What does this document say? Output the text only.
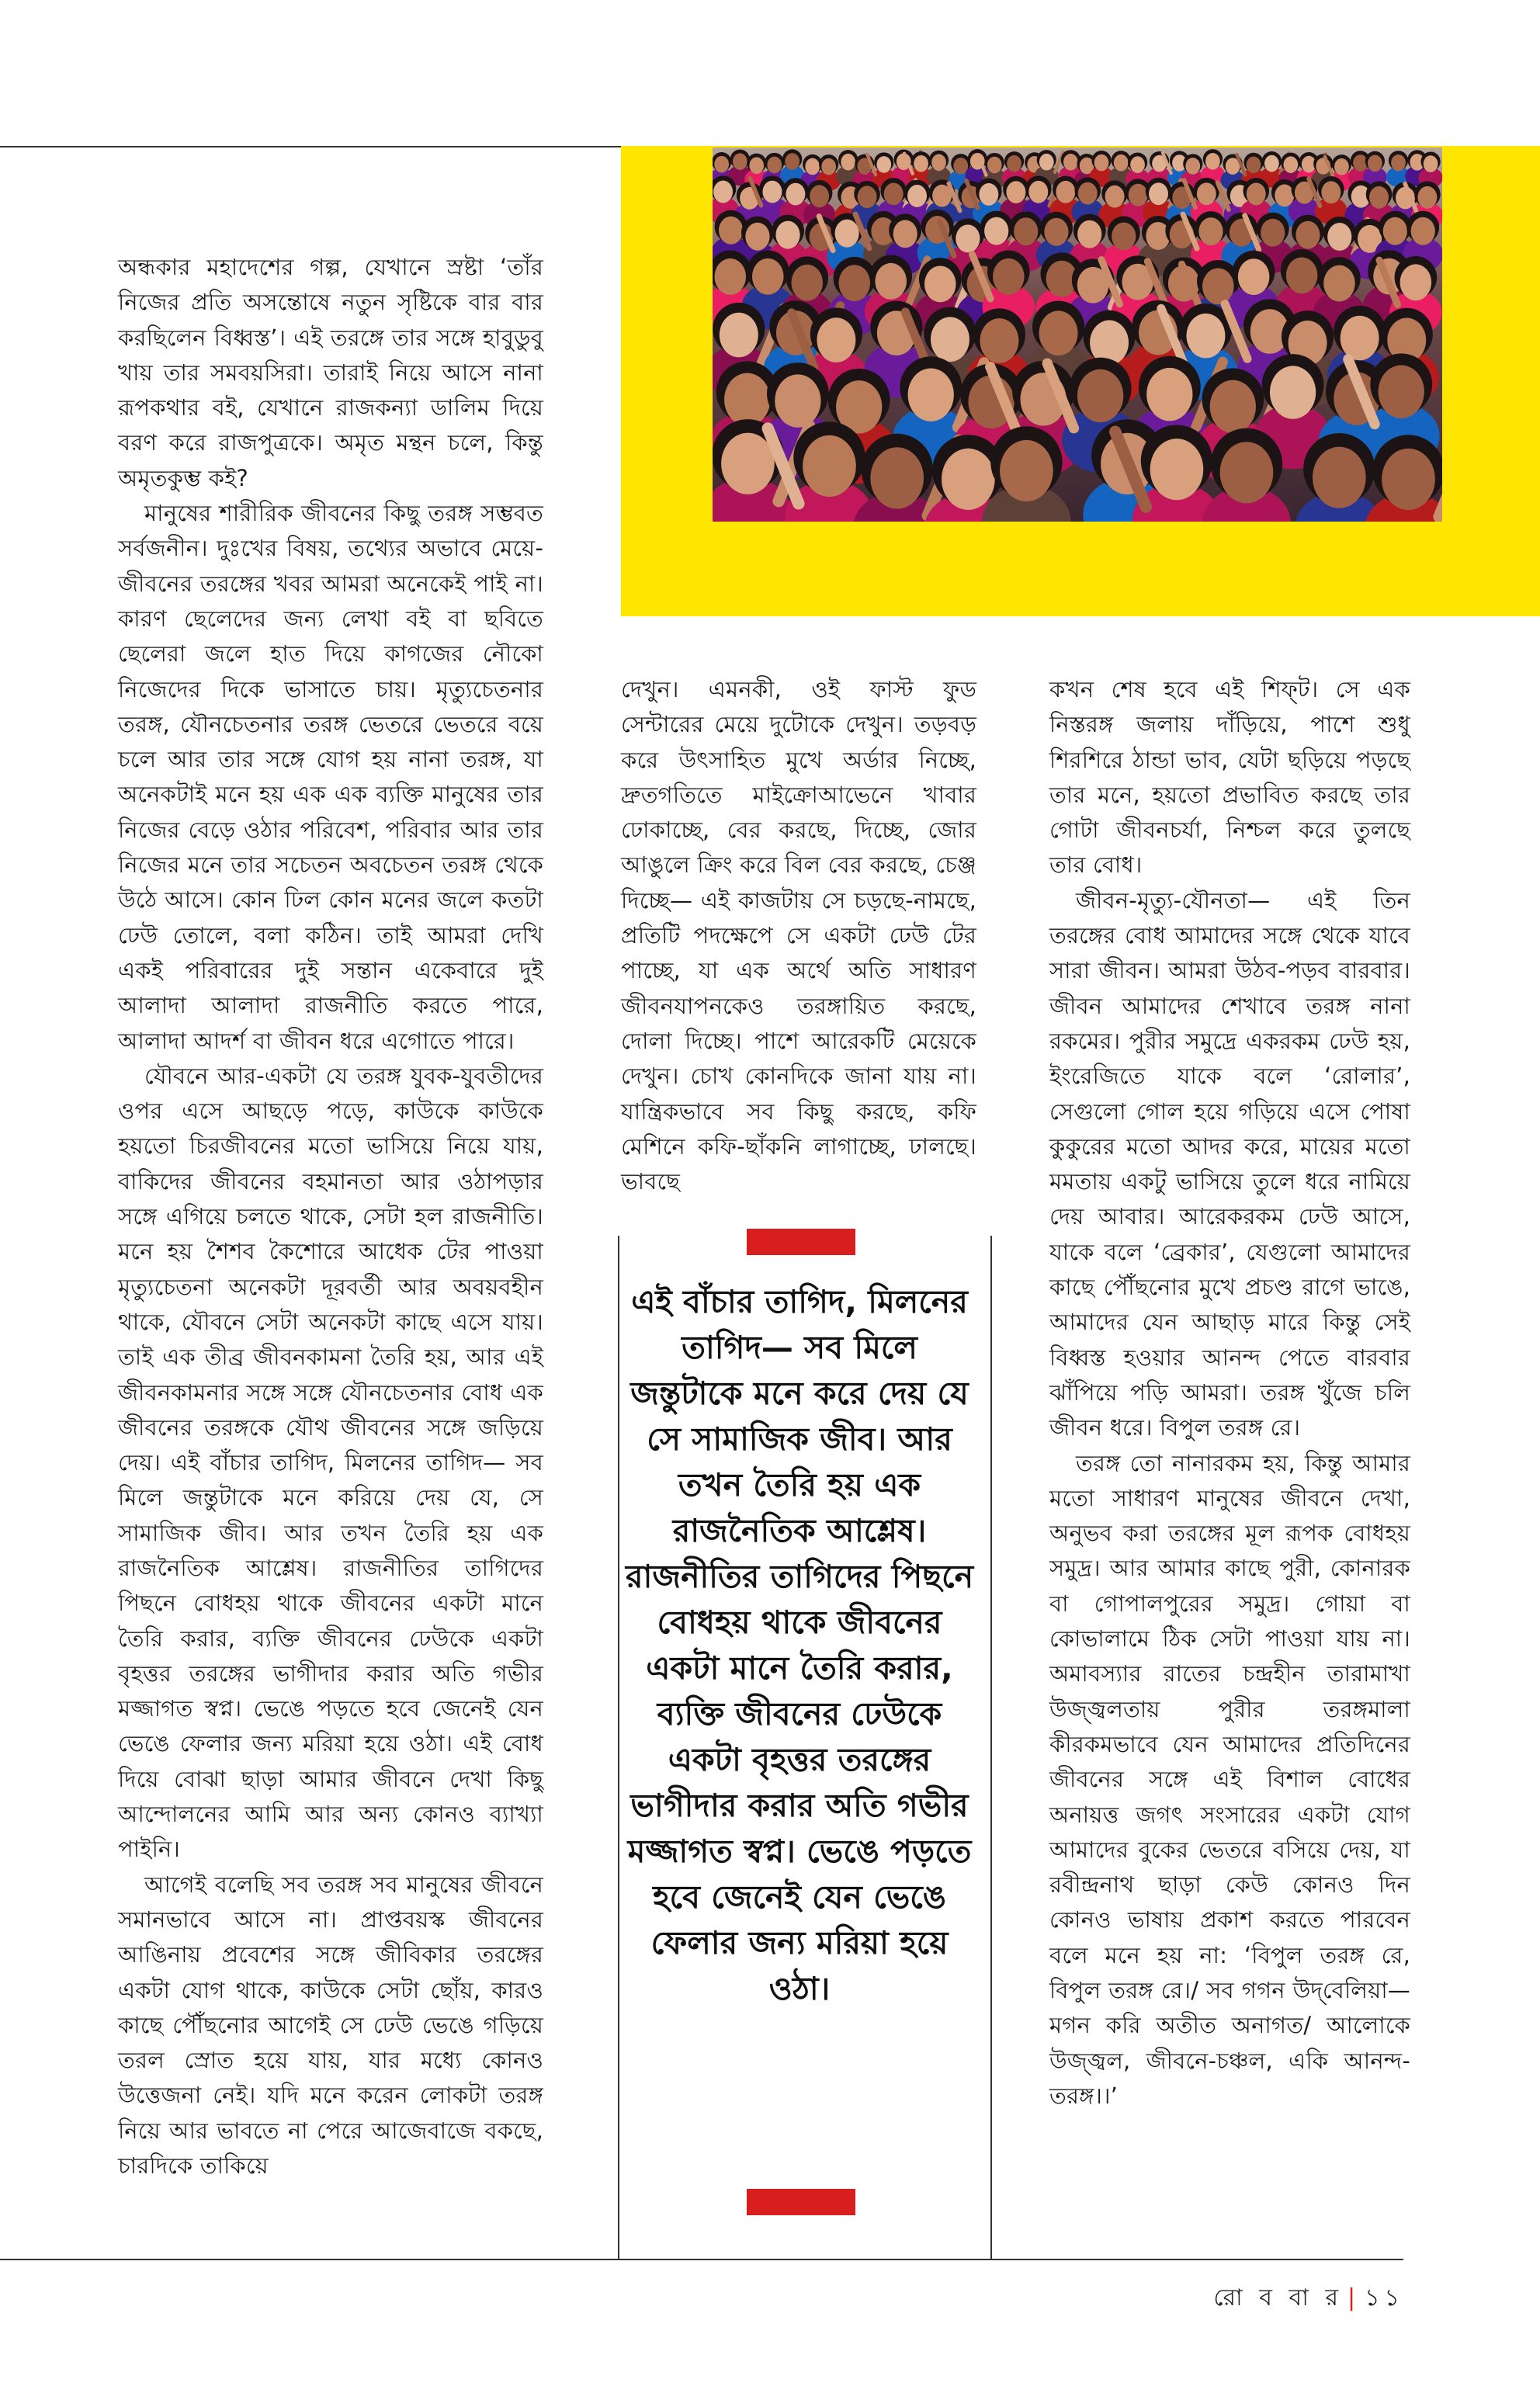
অন্ধকার মহাদেশের গল্প, যেখানে স্রষ্টা ‘তাঁর নিজের প্রতি অসন্তোষে নতুন সৃষ্টিকে বার বার করছিলেন বিধ্বস্ত’। এই তরঙ্গে তার সঙ্গে হাবুডুবু খায় তার সমবয়সিরা। তারাই নিয়ে আসে নানা রূপকথার বই, যেখানে রাজকন্যা ডালিম দিয়ে বরণ করে রাজপুত্রকে। অমৃত মন্থন চলে, কিন্তু অমৃতকুম্ভ কই?

মানুষের শারীরিক জীবনের কিছু তরঙ্গ সম্ভবত সর্বজনীন। দুঃখের বিষয়, তথ্যের অভাবে মেয়ে-জীবনের তরঙ্গের খবর আমরা অনেকেই পাই না। কারণ ছেলেদের জন্য লেখা বই বা ছবিতে ছেলেরা জলে হাত দিয়ে কাগজের নৌকো নিজেদের দিকে ভাসাতে চায়। মৃত্যুচেতনার তরঙ্গ, যৌনচেতনার তরঙ্গ ভেতরে ভেতরে বয়ে চলে আর তার সঙ্গে যোগ হয় নানা তরঙ্গ, যা অনেকটাই মনে হয় এক এক ব্যক্তি মানুষের তার নিজের বেড়ে ওঠার পরিবেশ, পরিবার আর তার নিজের মনে তার সচেতন অবচেতন তরঙ্গ থেকে উঠে আসে। কোন ঢিল কোন মনের জলে কতটা ঢেউ তোলে, বলা কঠিন। তাই আমরা দেখি একই পরিবারের দুই সন্তান একেবারে দুই আলাদা আলাদা রাজনীতি করতে পারে, আলাদা আদর্শ বা জীবন ধরে এগোতে পারে।

যৌবনে আর-একটা যে তরঙ্গ যুবক-যুবতীদের ওপর এসে আছড়ে পড়ে, কাউকে কাউকে হয়তো চিরজীবনের মতো ভাসিয়ে নিয়ে যায়, বাকিদের জীবনের বহমানতা আর ওঠাপড়ার সঙ্গে এগিয়ে চলতে থাকে, সেটা হল রাজনীতি। মনে হয় শৈশব কৈশোরে আধেক টের পাওয়া মৃত্যুচেতনা অনেকটা দূরবর্তী আর অবয়বহীন থাকে, যৌবনে সেটা অনেকটা কাছে এসে যায়। তাই এক তীব্র জীবনকামনা তৈরি হয়, আর এই জীবনকামনার সঙ্গে সঙ্গে যৌনচেতনার বোধ এক জীবনের তরঙ্গকে যৌথ জীবনের সঙ্গে জড়িয়ে দেয়। এই বাঁচার তাগিদ, মিলনের তাগিদ— সব মিলে জন্তুটাকে মনে করিয়ে দেয় যে, সে সামাজিক জীব। আর তখন তৈরি হয় এক রাজনৈতিক আশ্লেষ। রাজনীতির তাগিদের পিছনে বোধহয় থাকে জীবনের একটা মানে তৈরি করার, ব্যক্তি জীবনের ঢেউকে একটা বৃহত্তর তরঙ্গের ভাগীদার করার অতি গভীর মজ্জাগত স্বপ্ন। ভেঙে পড়তে হবে জেনেই যেন ভেঙে ফেলার জন্য মরিয়া হয়ে ওঠা। এই বোধ দিয়ে বোঝা ছাড়া আমার জীবনে দেখা কিছু আন্দোলনের আমি আর অন্য কোনও ব্যাখ্যা পাইনি।

আগেই বলেছি সব তরঙ্গ সব মানুষের জীবনে সমানভাবে আসে না। প্রাপ্তবয়স্ক জীবনের আঙিনায় প্রবেশের সঙ্গে জীবিকার তরঙ্গের একটা যোগ থাকে, কাউকে সেটা ছোঁয়, কারও কাছে পৌঁছনোর আগেই সে ঢেউ ভেঙে গড়িয়ে তরল স্রোত হয়ে যায়, যার মধ্যে কোনও উত্তেজনা নেই। যদি মনে করেন লোকটা তরঙ্গ নিয়ে আর ভাবতে না পেরে আজেবাজে বকছে, চারদিকে তাকিয়ে

দেখুন। এমনকী, ওই ফাস্ট ফুড সেন্টারের মেয়ে দুটোকে দেখুন। তড়বড় করে উৎসাহিত মুখে অর্ডার নিচ্ছে, দ্রুতগতিতে মাইক্রোআভেনে খাবার ঢোকাচ্ছে, বের করছে, দিচ্ছে, জোর আঙুলে ক্রিং করে বিল বের করছে, চেঞ্জ দিচ্ছে— এই কাজটায় সে চড়ছে-নামছে, প্রতিটি পদক্ষেপে সে একটা ঢেউ টের পাচ্ছে, যা এক অর্থে অতি সাধারণ জীবনযাপনকেও তরঙ্গায়িত করছে, দোলা দিচ্ছে। পাশে আরেকটি মেয়েকে দেখুন। চোখ কোনদিকে জানা যায় না। যান্ত্রিকভাবে সব কিছু করছে, কফি মেশিনে কফি-ছাঁকনি লাগাচ্ছে, ঢালছে। ভাবছে

এই বাঁচার তাগিদ, মিলনের তাগিদ— সব মিলে জন্তুটাকে মনে করে দেয় যে সে সামাজিক জীব। আর তখন তৈরি হয় এক রাজনৈতিক আশ্লেষ। রাজনীতির তাগিদের পিছনে বোধহয় থাকে জীবনের একটা মানে তৈরি করার, ব্যক্তি জীবনের ঢেউকে একটা বৃহত্তর তরঙ্গের ভাগীদার করার অতি গভীর মজ্জাগত স্বপ্ন। ভেঙে পড়তে হবে জেনেই যেন ভেঙে ফেলার জন্য মরিয়া হয়ে ওঠা।

কখন শেষ হবে এই শিফ্‌ট। সে এক নিস্তরঙ্গ জলায় দাঁড়িয়ে, পাশে শুধু শিরশিরে ঠান্ডা ভাব, যেটা ছড়িয়ে পড়ছে তার মনে, হয়তো প্রভাবিত করছে তার গোটা জীবনচর্যা, নিশ্চল করে তুলছে তার বোধ।

জীবন-মৃত্যু-যৌনতা— এই তিন তরঙ্গের বোধ আমাদের সঙ্গে থেকে যাবে সারা জীবন। আমরা উঠব-পড়ব বারবার। জীবন আমাদের শেখাবে তরঙ্গ নানা রকমের। পুরীর সমুদ্রে একরকম ঢেউ হয়, ইংরেজিতে যাকে বলে ‘রোলার’, সেগুলো গোল হয়ে গড়িয়ে এসে পোষা কুকুরের মতো আদর করে, মায়ের মতো মমতায় একটু ভাসিয়ে তুলে ধরে নামিয়ে দেয় আবার। আরেকরকম ঢেউ আসে, যাকে বলে ‘ব্রেকার’, যেগুলো আমাদের কাছে পৌঁছনোর মুখে প্রচণ্ড রাগে ভাঙে, আমাদের যেন আছাড় মারে কিন্তু সেই বিধ্বস্ত হওয়ার আনন্দ পেতে বারবার ঝাঁপিয়ে পড়ি আমরা। তরঙ্গ খুঁজে চলি জীবন ধরে। বিপুল তরঙ্গ রে।

তরঙ্গ তো নানারকম হয়, কিন্তু আমার মতো সাধারণ মানুষের জীবনে দেখা, অনুভব করা তরঙ্গের মূল রূপক বোধহয় সমুদ্র। আর আমার কাছে পুরী, কোনারক বা গোপালপুরের সমুদ্র। গোয়া বা কোভালামে ঠিক সেটা পাওয়া যায় না। অমাবস্যার রাতের চন্দ্রহীন তারামাখা উজ্জ্বলতায় পুরীর তরঙ্গমালা কীরকমভাবে যেন আমাদের প্রতিদিনের জীবনের সঙ্গে এই বিশাল বোধের অনায়ত্ত জগৎ সংসারের একটা যোগ আমাদের বুকের ভেতরে বসিয়ে দেয়, যা রবীন্দ্রনাথ ছাড়া কেউ কোনও দিন কোনও ভাষায় প্রকাশ করতে পারবেন বলে মনে হয় না: ‘বিপুল তরঙ্গ রে, বিপুল তরঙ্গ রে।/ সব গগন উদ্‌বেলিয়া— মগন করি অতীত অনাগত/ আলোকে উজ্জ্বল, জীবনে-চঞ্চল, একি আনন্দ-তরঙ্গ।।’

রো ব বা র | ১১
